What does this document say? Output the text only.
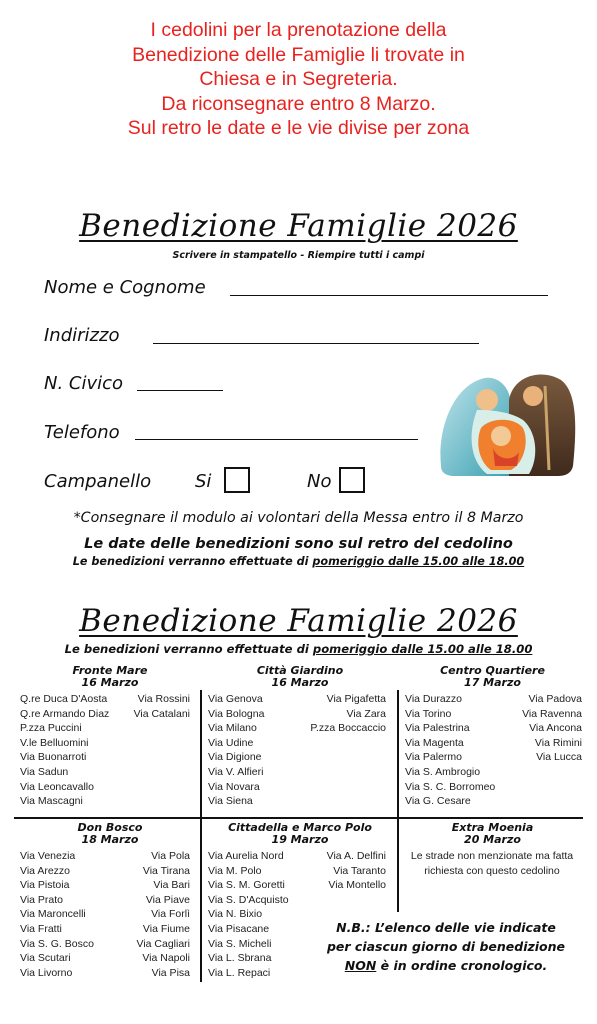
I cedolini per la prenotazione della
Benedizione delle Famiglie li trovate in
Chiesa e in Segreteria.
Da riconsegnare entro 8 Marzo.
Sul retro le date e le vie divise per zona
Benedizione Famiglie 2026
Scrivere in stampatello - Riempire tutti i campi
Nome e Cognome
Indirizzo
N. Civico
Telefono
Campanello Si	No
*Consegnare il modulo ai volontari della Messa entro il 8 Marzo
Le date delle benedizioni sono sul retro del cedolino
Le benedizioni verranno effettuate di pomeriggio dalle 15.00 alle 18.00
Benedizione Famiglie 2026
Le benedizioni verranno effettuate di pomeriggio dalle 15.00 alle 18.00
Fronte Mare
16 Marzo
Q.re Duca D'Aosta
Q.re Armando Diaz
P.zza Puccini
V.le Belluomini
Via Buonarroti
Via Sadun
Via Leoncavallo
Via Mascagni
Via Rossini
Via Catalani
Città Giardino
16 Marzo
Via Genova
Via Bologna
Via Milano
Via Udine
Via Digione
Via V. Alfieri
Via Novara
Via Siena
Via Pigafetta
Via Zara
P.zza Boccaccio
Centro Quartiere
17 Marzo
Via Durazzo
Via Torino
Via Palestrina
Via Magenta
Via Palermo
Via S. Ambrogio
Via S. C. Borromeo
Via G. Cesare
Via Padova
Via Ravenna
Via Ancona
Via Rimini
Via Lucca
Don Bosco
18 Marzo
Via Venezia
Via Arezzo
Via Pistoia
Via Prato
Via Maroncelli
Via Fratti
Via S. G. Bosco
Via Scutari
Via Livorno
Via Pola
Via Tirana
Via Bari
Via Piave
Via Forlì
Via Fiume
Via Cagliari
Via Napoli
Via Pisa
Cittadella e Marco Polo
19 Marzo
Via Aurelia Nord
Via M. Polo
Via S. M. Goretti
Via S. D'Acquisto
Via N. Bixio
Via Pisacane
Via S. Micheli
Via L. Sbrana
Via L. Repaci
Via A. Delfini
Via Taranto
Via Montello
Extra Moenia
20 Marzo
Le strade non menzionate ma fatta
richiesta con questo cedolino
N.B.: L’elenco delle vie indicate
per ciascun giorno di benedizione
NON è in ordine cronologico.
